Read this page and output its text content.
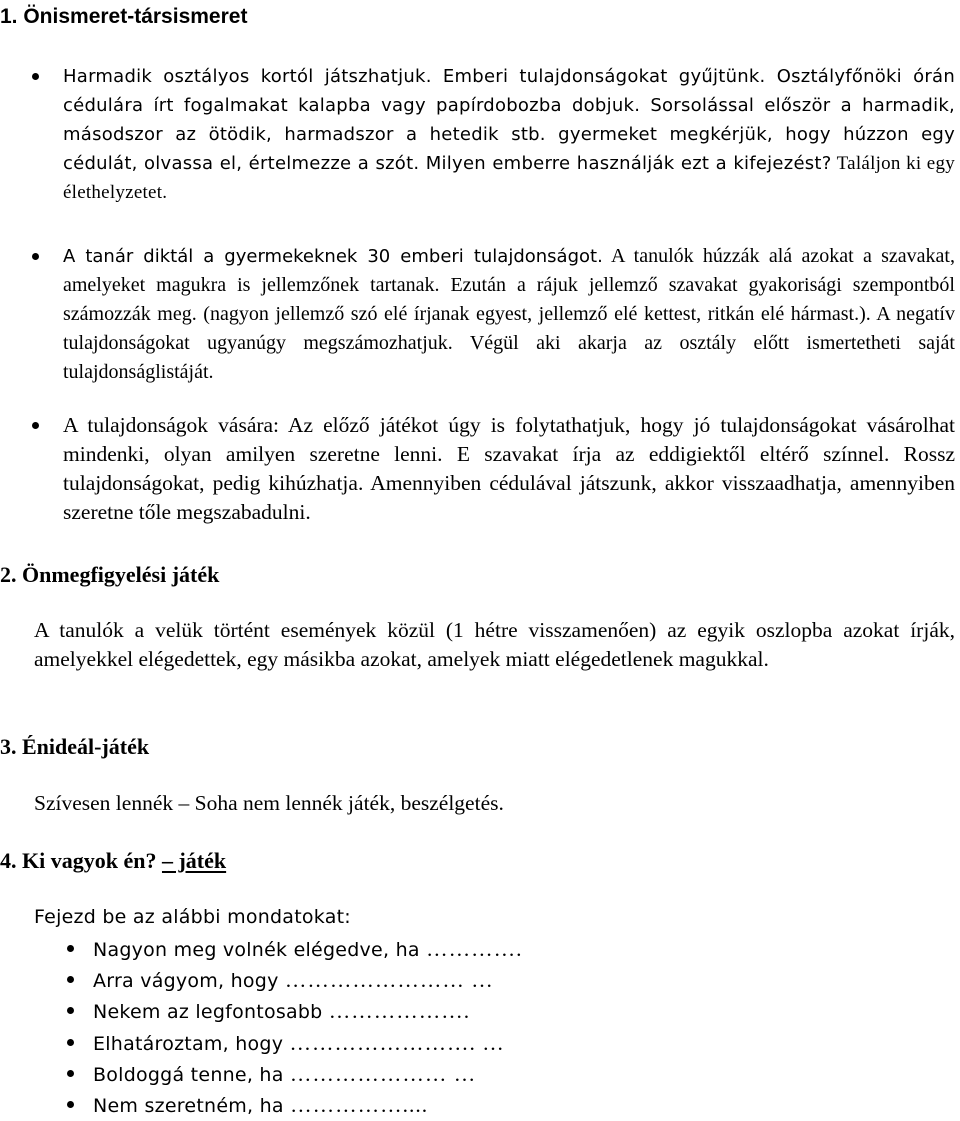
1. Önismeret-társismeret
Harmadik osztályos kortól játszhatjuk. Emberi tulajdonságokat gyűjtünk. Osztályfőnöki órán cédulára írt fogalmakat kalapba vagy papírdobozba dobjuk. Sorsolással először a harmadik, másodszor az ötödik, harmadszor a hetedik stb. gyermeket megkérjük, hogy húzzon egy cédulát, olvassa el, értelmezze a szót. Milyen emberre használják ezt a kifejezést? Találjon ki egy élethelyzetet.
A tanár diktál a gyermekeknek 30 emberi tulajdonságot. A tanulók húzzák alá azokat a szavakat, amelyeket magukra is jellemzőnek tartanak. Ezután a rájuk jellemző szavakat gyakorisági szempontból számozzák meg. (nagyon jellemző szó elé írjanak egyest, jellemző elé kettest, ritkán elé hármast.). A negatív tulajdonságokat ugyanúgy megszámozhatjuk. Végül aki akarja az osztály előtt ismertetheti saját tulajdonságlistáját.
A tulajdonságok vására: Az előző játékot úgy is folytathatjuk, hogy jó tulajdonságokat vásárolhat mindenki, olyan amilyen szeretne lenni. E szavakat írja az eddigiektől eltérő színnel. Rossz tulajdonságokat, pedig kihúzhatja. Amennyiben cédulával játszunk, akkor visszaadhatja, amennyiben szeretne tőle megszabadulni.
2. Önmegfigyelési játék
A tanulók a velük történt események közül (1 hétre visszamenően) az egyik oszlopba azokat írják, amelyekkel elégedettek, egy másikba azokat, amelyek miatt elégedetlenek magukkal.
3. Énideál-játék
Szívesen lennék – Soha nem lennék játék, beszélgetés.
4. Ki vagyok én? – játék
Fejezd be az alábbi mondatokat:
Nagyon meg volnék elégedve, ha ………….
Arra vágyom, hogy …………………… …
Nekem az legfontosabb ……………….
Elhatároztam, hogy ……………………. …
Boldoggá tenne, ha ………………… …
Nem szeretném, ha ……………....
